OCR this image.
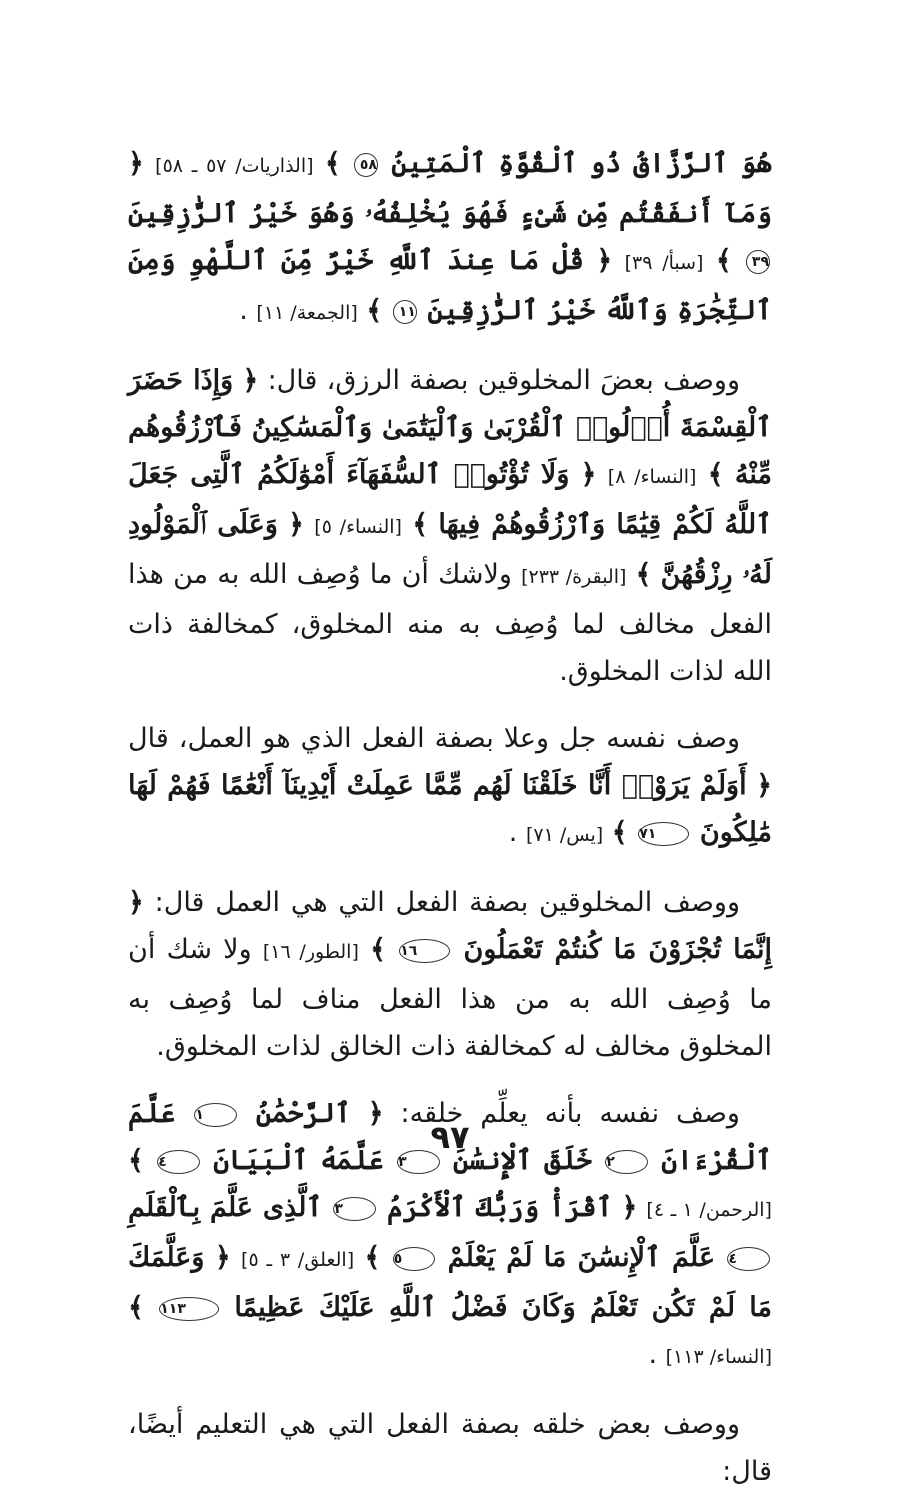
هُوَ ٱلرَّزَّاقُ ذُو ٱلْقُوَّةِ ٱلْمَتِينُ ٥٨ ﴾ [الذاريات/ ٥٧ ـ ٥٨] ﴿ وَمَآ أَنفَقْتُم مِّن شَىْءٍ فَهُوَ يُخْلِفُهُۥ وَهُوَ خَيْرُ ٱلرَّٰزِقِينَ ٣٩ ﴾ [سبأ/ ٣٩] ﴿ قُلْ مَا عِندَ ٱللَّهِ خَيْرٌ مِّنَ ٱللَّهْوِ وَمِنَ ٱلتِّجَٰرَةِ وَٱللَّهُ خَيْرُ ٱلرَّٰزِقِينَ ١١ ﴾ [الجمعة/ ١١] .

ووصف بعضَ المخلوقين بصفة الرزق، قال: ﴿ وَإِذَا حَضَرَ ٱلْقِسْمَةَ أُو۟لُوا۟ ٱلْقُرْبَىٰ وَٱلْيَتَٰمَىٰ وَٱلْمَسَٰكِينُ فَٱرْزُقُوهُم مِّنْهُ ﴾ [النساء/ ٨] ﴿ وَلَا تُؤْتُوا۟ ٱلسُّفَهَآءَ أَمْوَٰلَكُمُ ٱلَّتِى جَعَلَ ٱللَّهُ لَكُمْ قِيَٰمًا وَٱرْزُقُوهُمْ فِيهَا ﴾ [النساء/ ٥] ﴿ وَعَلَى ٱلْمَوْلُودِ لَهُۥ رِزْقُهُنَّ ﴾ [البقرة/ ٢٣٣] ولاشك أن ما وُصِف الله به من هذا الفعل مخالف لما وُصِف به منه المخلوق، كمخالفة ذات الله لذات المخلوق.

وصف نفسه جل وعلا بصفة الفعل الذي هو العمل، قال ﴿ أَوَلَمْ يَرَوْا۟ أَنَّا خَلَقْنَا لَهُم مِّمَّا عَمِلَتْ أَيْدِينَآ أَنْعَٰمًا فَهُمْ لَهَا مَٰلِكُونَ ٧١ ﴾ [يس/ ٧١] .

ووصف المخلوقين بصفة الفعل التي هي العمل قال: ﴿ إِنَّمَا تُجْزَوْنَ مَا كُنتُمْ تَعْمَلُونَ ١٦ ﴾ [الطور/ ١٦] ولا شك أن ما وُصِف الله به من هذا الفعل مناف لما وُصِف به المخلوق مخالف له كمخالفة ذات الخالق لذات المخلوق.

وصف نفسه بأنه يعلِّم خلقه: ﴿ ٱلرَّحْمَٰنُ ١ عَلَّمَ ٱلْقُرْءَانَ ٢ خَلَقَ ٱلْإِنسَٰنَ ٣ عَلَّمَهُ ٱلْبَيَانَ ٤ ﴾ [الرحمن/ ١ ـ ٤] ﴿ ٱقْرَأْ وَرَبُّكَ ٱلْأَكْرَمُ ٣ ٱلَّذِى عَلَّمَ بِٱلْقَلَمِ ٤ عَلَّمَ ٱلْإِنسَٰنَ مَا لَمْ يَعْلَمْ ٥ ﴾ [العلق/ ٣ ـ ٥] ﴿ وَعَلَّمَكَ مَا لَمْ تَكُن تَعْلَمُ وَكَانَ فَضْلُ ٱللَّهِ عَلَيْكَ عَظِيمًا ١١٣ ﴾ [النساء/ ١١٣] .

ووصف بعض خلقه بصفة الفعل التي هي التعليم أيضًا، قال:

٩٧
